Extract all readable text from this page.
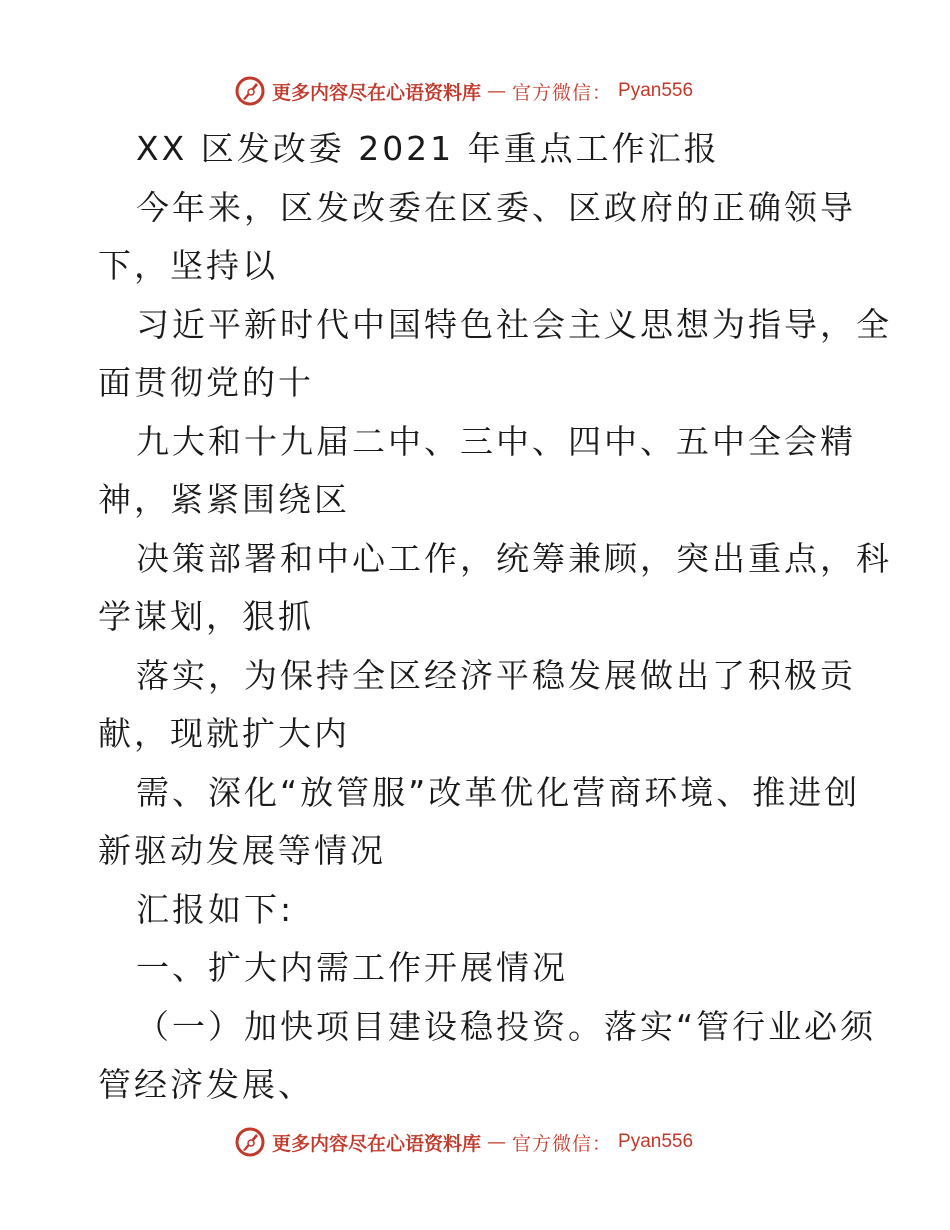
更多内容尽在心语资料库 — 官方微信： Pyan556
XX 区发改委 2021 年重点工作汇报
今年来，区发改委在区委、区政府的正确领导
下，坚持以
习近平新时代中国特色社会主义思想为指导，全
面贯彻党的十
九大和十九届二中、三中、四中、五中全会精
神，紧紧围绕区
决策部署和中心工作，统筹兼顾，突出重点，科
学谋划，狠抓
落实，为保持全区经济平稳发展做出了积极贡
献，现就扩大内
需、深化“放管服”改革优化营商环境、推进创
新驱动发展等情况
汇报如下:
一、扩大内需工作开展情况
（一）加快项目建设稳投资。落实“管行业必须
管经济发展、
更多内容尽在心语资料库 — 官方微信： Pyan556
